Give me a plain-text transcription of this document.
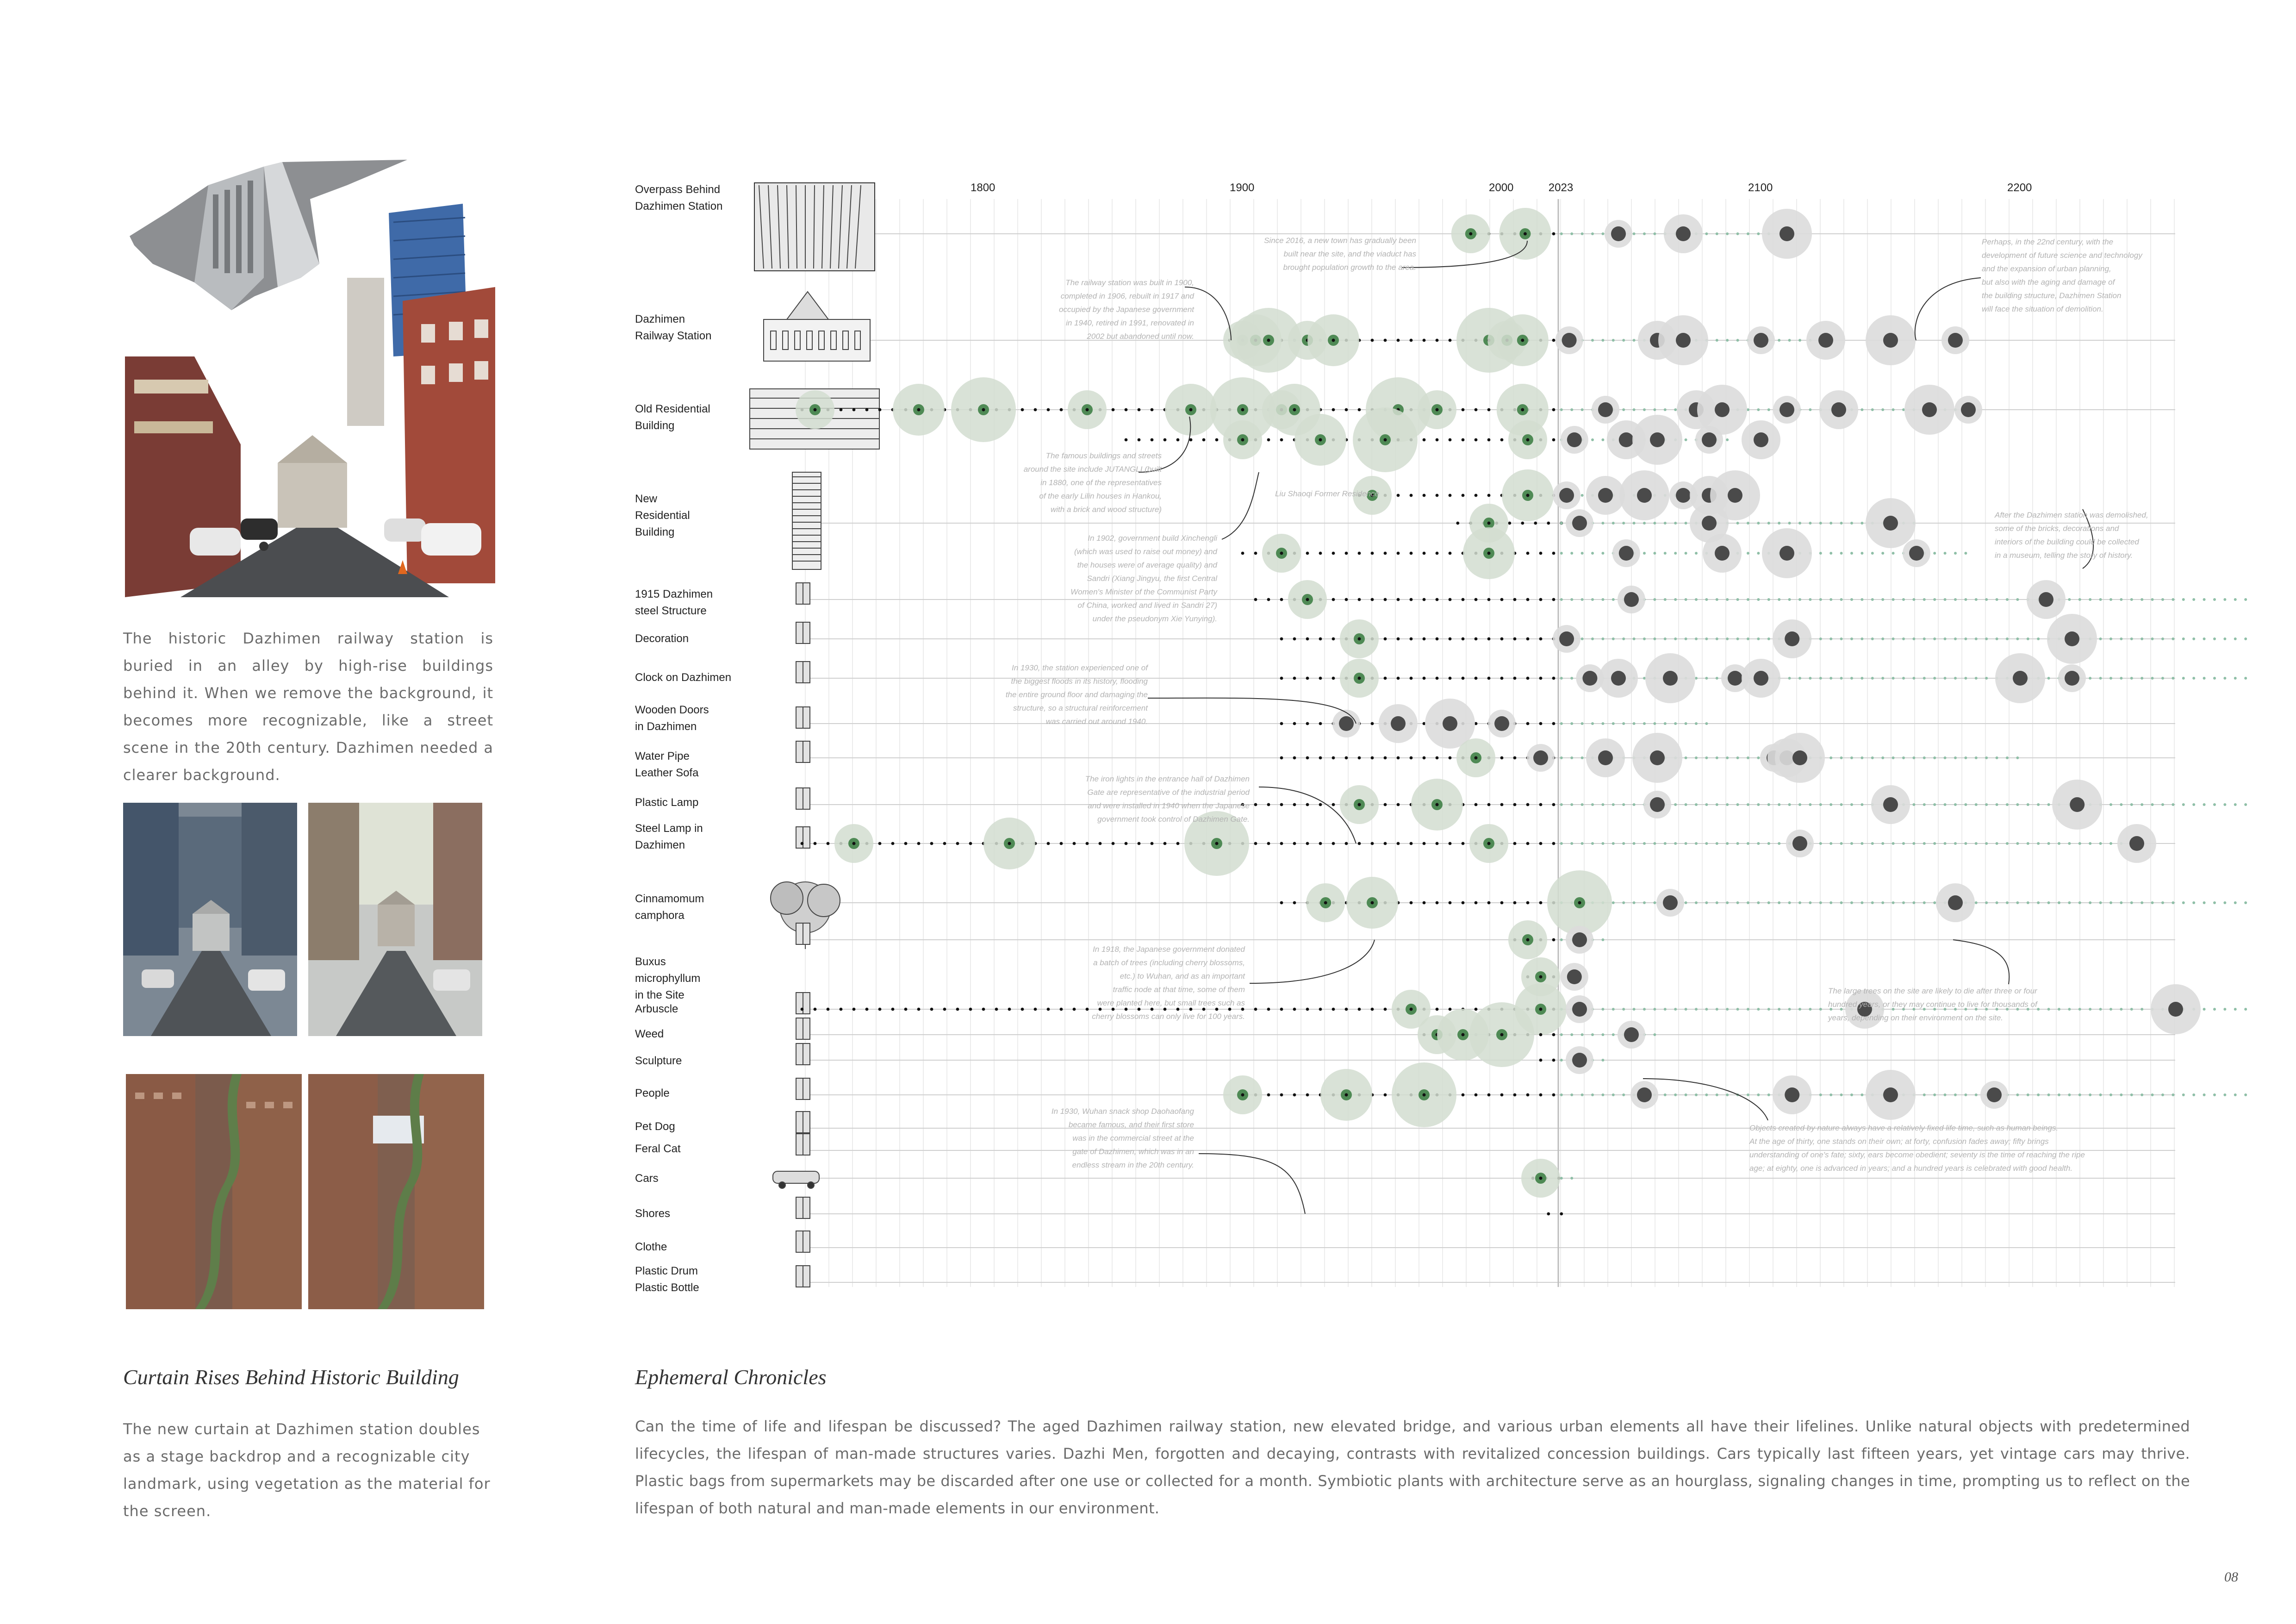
The historic Dazhimen railway station is buried in an alley by high-rise buildings behind it. When we remove the background, it becomes more recognizable, like a street scene in the 20th century. Dazhimen needed a clearer background.
Curtain Rises Behind Historic Building
The new curtain at Dazhimen station doubles as a stage backdrop and a recognizable city landmark, using vegetation as the material for the screen.
1800	1900	2000	2023	2100	2200
Overpass Behind
Dazhimen Station
Dazhimen
Railway Station
Old Residential
Building
New
Residential
Building
1915 Dazhimen
steel Structure
Decoration
Clock on Dazhimen
Wooden Doors
in Dazhimen
Water Pipe
Leather Sofa
Plastic Lamp
Steel Lamp in
Dazhimen
Cinnamomum
camphora
Buxus
microphyllum
in the Site
Arbuscle
Weed
Sculpture
People
Pet Dog
Feral Cat
Cars
Shores
Clothe
Plastic Drum
Plastic Bottle
Since 2016, a new town has gradually been
built near the site, and the viaduct has
brought population growth to the area.
The railway station was built in 1900,
completed in 1906, rebuilt in 1917 and
occupied by the Japanese government
in 1940, retired in 1991, renovated in
2002 but abandoned until now.
Perhaps, in the 22nd century, with the
development of future science and technology
and the expansion of urban planning,
but also with the aging and damage of
the building structure, Dazhimen Station
will face the situation of demolition.
The famous buildings and streets
around the site include JUTANGLI (built
in 1880, one of the representatives
of the early Lilin houses in Hankou,
with a brick and wood structure)
Liu Shaoqi Former Residence
In 1902, government build Xinchengli
(which was used to raise out money) and
the houses were of average quality) and
Sandri (Xiang Jingyu, the first Central
Women's Minister of the Communist Party
of China, worked and lived in Sandri 27)
under the pseudonym Xie Yunying).
After the Dazhimen station was demolished,
some of the bricks, decorations and
interiors of the building could be collected
in a museum, telling the story of history.
In 1930, the station experienced one of
the biggest floods in its history, flooding
the entire ground floor and damaging the
structure, so a structural reinforcement
was carried out around 1940.
The iron lights in the entrance hall of Dazhimen
Gate are representative of the industrial period
and were installed in 1940 when the Japanese
government took control of Dazhimen Gate.
In 1918, the Japanese government donated
a batch of trees (including cherry blossoms,
etc.) to Wuhan, and as an important
traffic node at that time, some of them
were planted here, but small trees such as
cherry blossoms can only live for 100 years.
The large trees on the site are likely to die after three or four
hundred years, or they may continue to live for thousands of
years, depending on their environment on the site.
In 1930, Wuhan snack shop Daohaofang
became famous, and their first store
was in the commercial street at the
gate of Dazhimen, which was in an
endless stream in the 20th century.
Objects created by nature always have a relatively fixed life time, such as human beings.
At the age of thirty, one stands on their own; at forty, confusion fades away; fifty brings
understanding of one's fate; sixty, ears become obedient; seventy is the time of reaching the ripe
age; at eighty, one is advanced in years; and a hundred years is celebrated with good health.
Ephemeral Chronicles
Can the time of life and lifespan be discussed? The aged Dazhimen railway station, new elevated bridge, and various urban elements all have their lifelines. Unlike natural objects with predetermined lifecycles, the lifespan of man-made structures varies. Dazhi Men, forgotten and decaying, contrasts with revitalized concession buildings. Cars typically last fifteen years, yet vintage cars may thrive. Plastic bags from supermarkets may be discarded after one use or collected for a month. Symbiotic plants with architecture serve as an hourglass, signaling changes in time, prompting us to reflect on the lifespan of both natural and man-made elements in our environment.
08
